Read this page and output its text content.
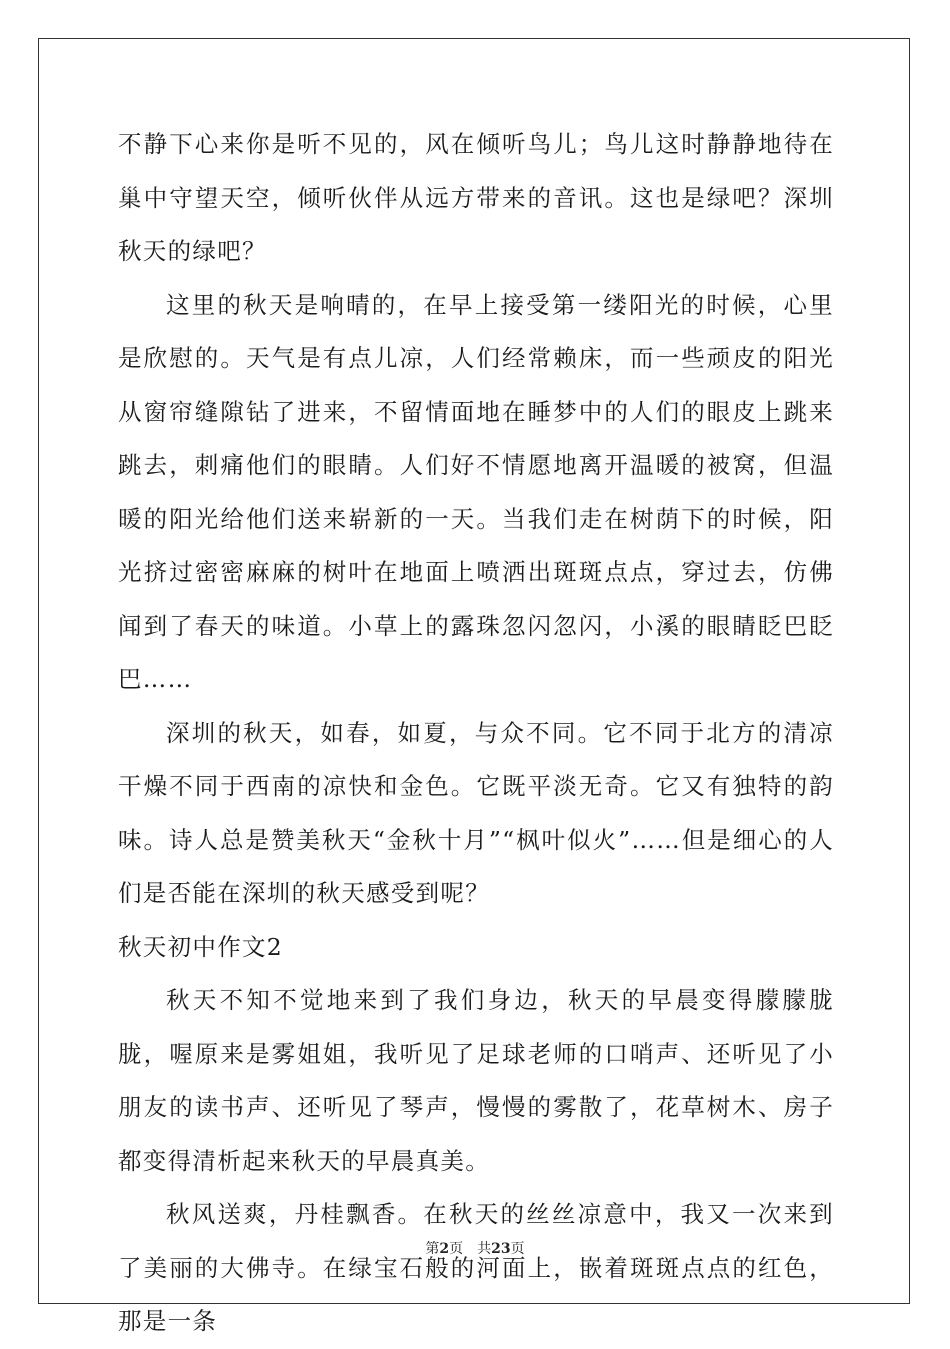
不静下心来你是听不见的，风在倾听鸟儿；鸟儿这时静静地待在巢中守望天空，倾听伙伴从远方带来的音讯。这也是绿吧？深圳秋天的绿吧？

这里的秋天是响晴的，在早上接受第一缕阳光的时候，心里是欣慰的。天气是有点儿凉，人们经常赖床，而一些顽皮的阳光从窗帘缝隙钻了进来，不留情面地在睡梦中的人们的眼皮上跳来跳去，刺痛他们的眼睛。人们好不情愿地离开温暖的被窝，但温暖的阳光给他们送来崭新的一天。当我们走在树荫下的时候，阳光挤过密密麻麻的树叶在地面上喷洒出斑斑点点，穿过去，仿佛闻到了春天的味道。小草上的露珠忽闪忽闪，小溪的眼睛眨巴眨巴……

深圳的秋天，如春，如夏，与众不同。它不同于北方的清凉干燥不同于西南的凉快和金色。它既平淡无奇。它又有独特的韵味。诗人总是赞美秋天“金秋十月”“枫叶似火”……但是细心的人们是否能在深圳的秋天感受到呢？

秋天初中作文2

秋天不知不觉地来到了我们身边，秋天的早晨变得朦朦胧胧，喔原来是雾姐姐，我听见了足球老师的口哨声、还听见了小朋友的读书声、还听见了琴声，慢慢的雾散了，花草树木、房子都变得清析起来秋天的早晨真美。

秋风送爽，丹桂飘香。在秋天的丝丝凉意中，我又一次来到了美丽的大佛寺。在绿宝石般的河面上，嵌着斑斑点点的红色，那是一条

第2页 共23页
